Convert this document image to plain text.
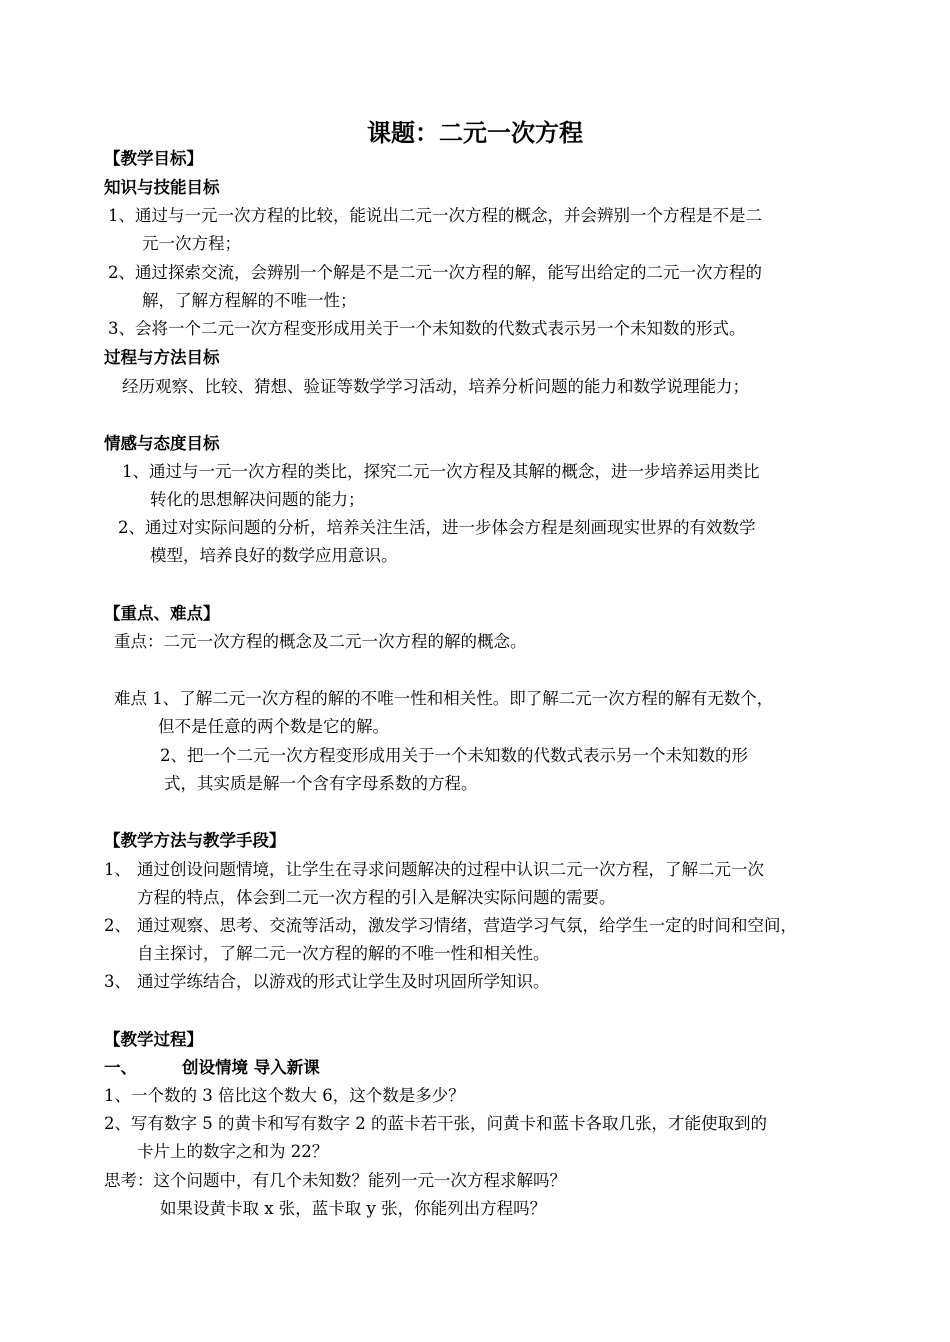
课题：二元一次方程
【教学目标】
知识与技能目标
1、通过与一元一次方程的比较，能说出二元一次方程的概念，并会辨别一个方程是不是二
元一次方程；
2、通过探索交流，会辨别一个解是不是二元一次方程的解，能写出给定的二元一次方程的
解，了解方程解的不唯一性；
3、会将一个二元一次方程变形成用关于一个未知数的代数式表示另一个未知数的形式。
过程与方法目标
经历观察、比较、猜想、验证等数学学习活动，培养分析问题的能力和数学说理能力；
情感与态度目标
1、通过与一元一次方程的类比，探究二元一次方程及其解的概念，进一步培养运用类比
转化的思想解决问题的能力；
2、通过对实际问题的分析，培养关注生活，进一步体会方程是刻画现实世界的有效数学
模型，培养良好的数学应用意识。
【重点、难点】
重点：二元一次方程的概念及二元一次方程的解的概念。
难点 1、了解二元一次方程的解的不唯一性和相关性。即了解二元一次方程的解有无数个，
但不是任意的两个数是它的解。
2、把一个二元一次方程变形成用关于一个未知数的代数式表示另一个未知数的形
式，其实质是解一个含有字母系数的方程。
【教学方法与教学手段】
1、 通过创设问题情境，让学生在寻求问题解决的过程中认识二元一次方程，了解二元一次
方程的特点，体会到二元一次方程的引入是解决实际问题的需要。
2、 通过观察、思考、交流等活动，激发学习情绪，营造学习气氛，给学生一定的时间和空间，
自主探讨，了解二元一次方程的解的不唯一性和相关性。
3、 通过学练结合，以游戏的形式让学生及时巩固所学知识。
【教学过程】
一、	创设情境 导入新课
1、一个数的 3 倍比这个数大 6，这个数是多少？
2、写有数字 5 的黄卡和写有数字 2 的蓝卡若干张，问黄卡和蓝卡各取几张，才能使取到的
卡片上的数字之和为 22？
思考：这个问题中，有几个未知数？能列一元一次方程求解吗？
如果设黄卡取 x 张，蓝卡取 y 张，你能列出方程吗？
